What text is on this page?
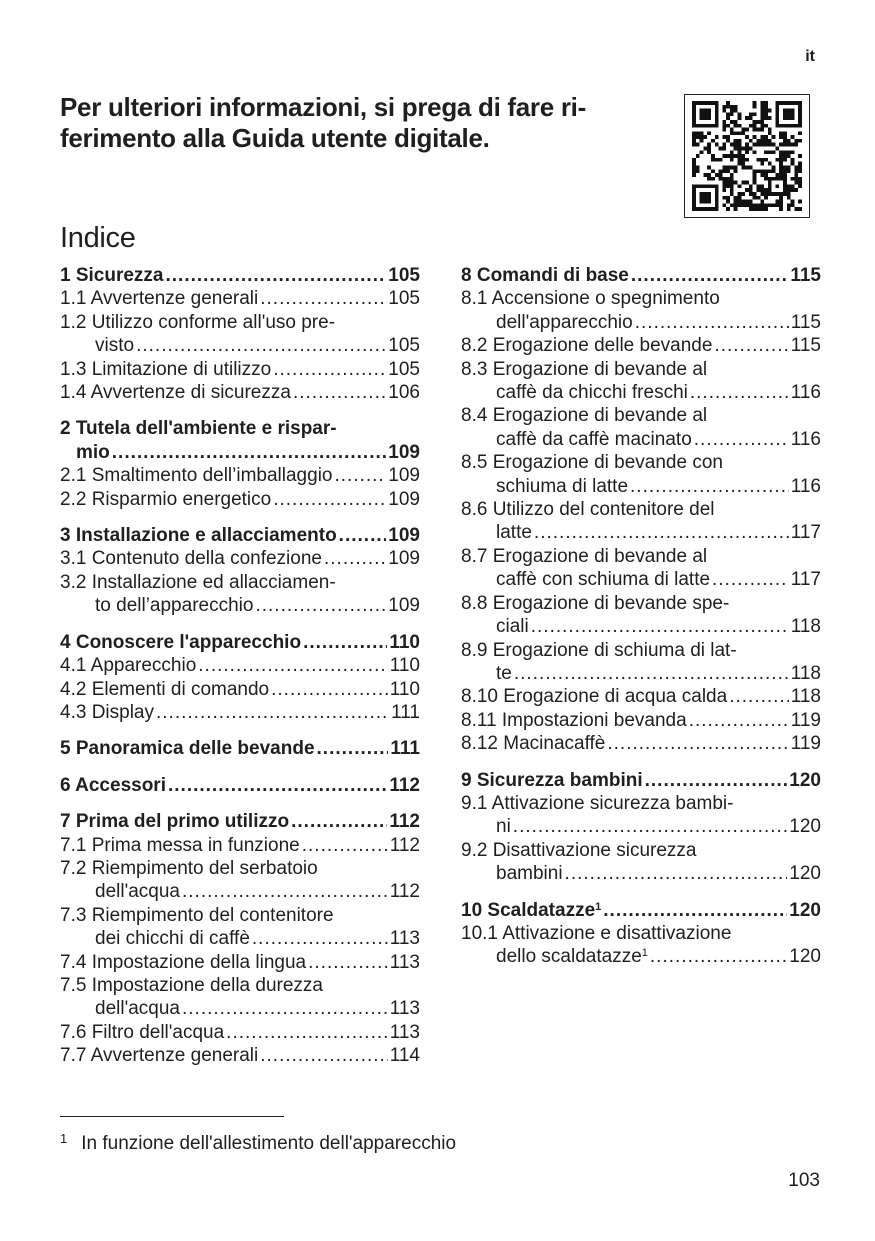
it
Per ulteriori informazioni, si prega di fare ri-
ferimento alla Guida utente digitale.
Indice
1 Sicurezza .....	105
1.1 Avvertenze generali .....	105
1.2 Utilizzo conforme all'uso pre-
visto .....	105
1.3 Limitazione di utilizzo .....	105
1.4 Avvertenze di sicurezza .....	106
2 Tutela dell'ambiente e rispar-
mio .....	109
2.1 Smaltimento dell’imballaggio .....	109
2.2 Risparmio energetico .....	109
3 Installazione e allacciamento .....	109
3.1 Contenuto della confezione .....	109
3.2 Installazione ed allacciamen-
to dell’apparecchio .....	109
4 Conoscere l'apparecchio .....	110
4.1 Apparecchio .....	110
4.2 Elementi di comando .....	110
4.3 Display .....	111
5 Panoramica delle bevande .....	111
6 Accessori .....	112
7 Prima del primo utilizzo .....	112
7.1 Prima messa in funzione .....	112
7.2 Riempimento del serbatoio
dell'acqua .....	112
7.3 Riempimento del contenitore
dei chicchi di caffè .....	113
7.4 Impostazione della lingua .....	113
7.5 Impostazione della durezza
dell'acqua .....	113
7.6 Filtro dell'acqua .....	113
7.7 Avvertenze generali .....	114
8 Comandi di base .....	115
8.1 Accensione o spegnimento
dell'apparecchio .....	115
8.2 Erogazione delle bevande .....	115
8.3 Erogazione di bevande al
caffè da chicchi freschi .....	116
8.4 Erogazione di bevande al
caffè da caffè macinato .....	116
8.5 Erogazione di bevande con
schiuma di latte .....	116
8.6 Utilizzo del contenitore del
latte .....	117
8.7 Erogazione di bevande al
caffè con schiuma di latte .....	117
8.8 Erogazione di bevande spe-
ciali .....	118
8.9 Erogazione di schiuma di lat-
te .....	118
8.10 Erogazione di acqua calda .....	118
8.11 Impostazioni bevanda .....	119
8.12 Macinacaffè .....	119
9 Sicurezza bambini .....	120
9.1 Attivazione sicurezza bambi-
ni .....	120
9.2 Disattivazione sicurezza
bambini .....	120
10 Scaldatazze$^1$ .....	120
10.1 Attivazione e disattivazione
dello scaldatazze$^1$ .....	120
$^1$ In funzione dell'allestimento dell'apparecchio
103
